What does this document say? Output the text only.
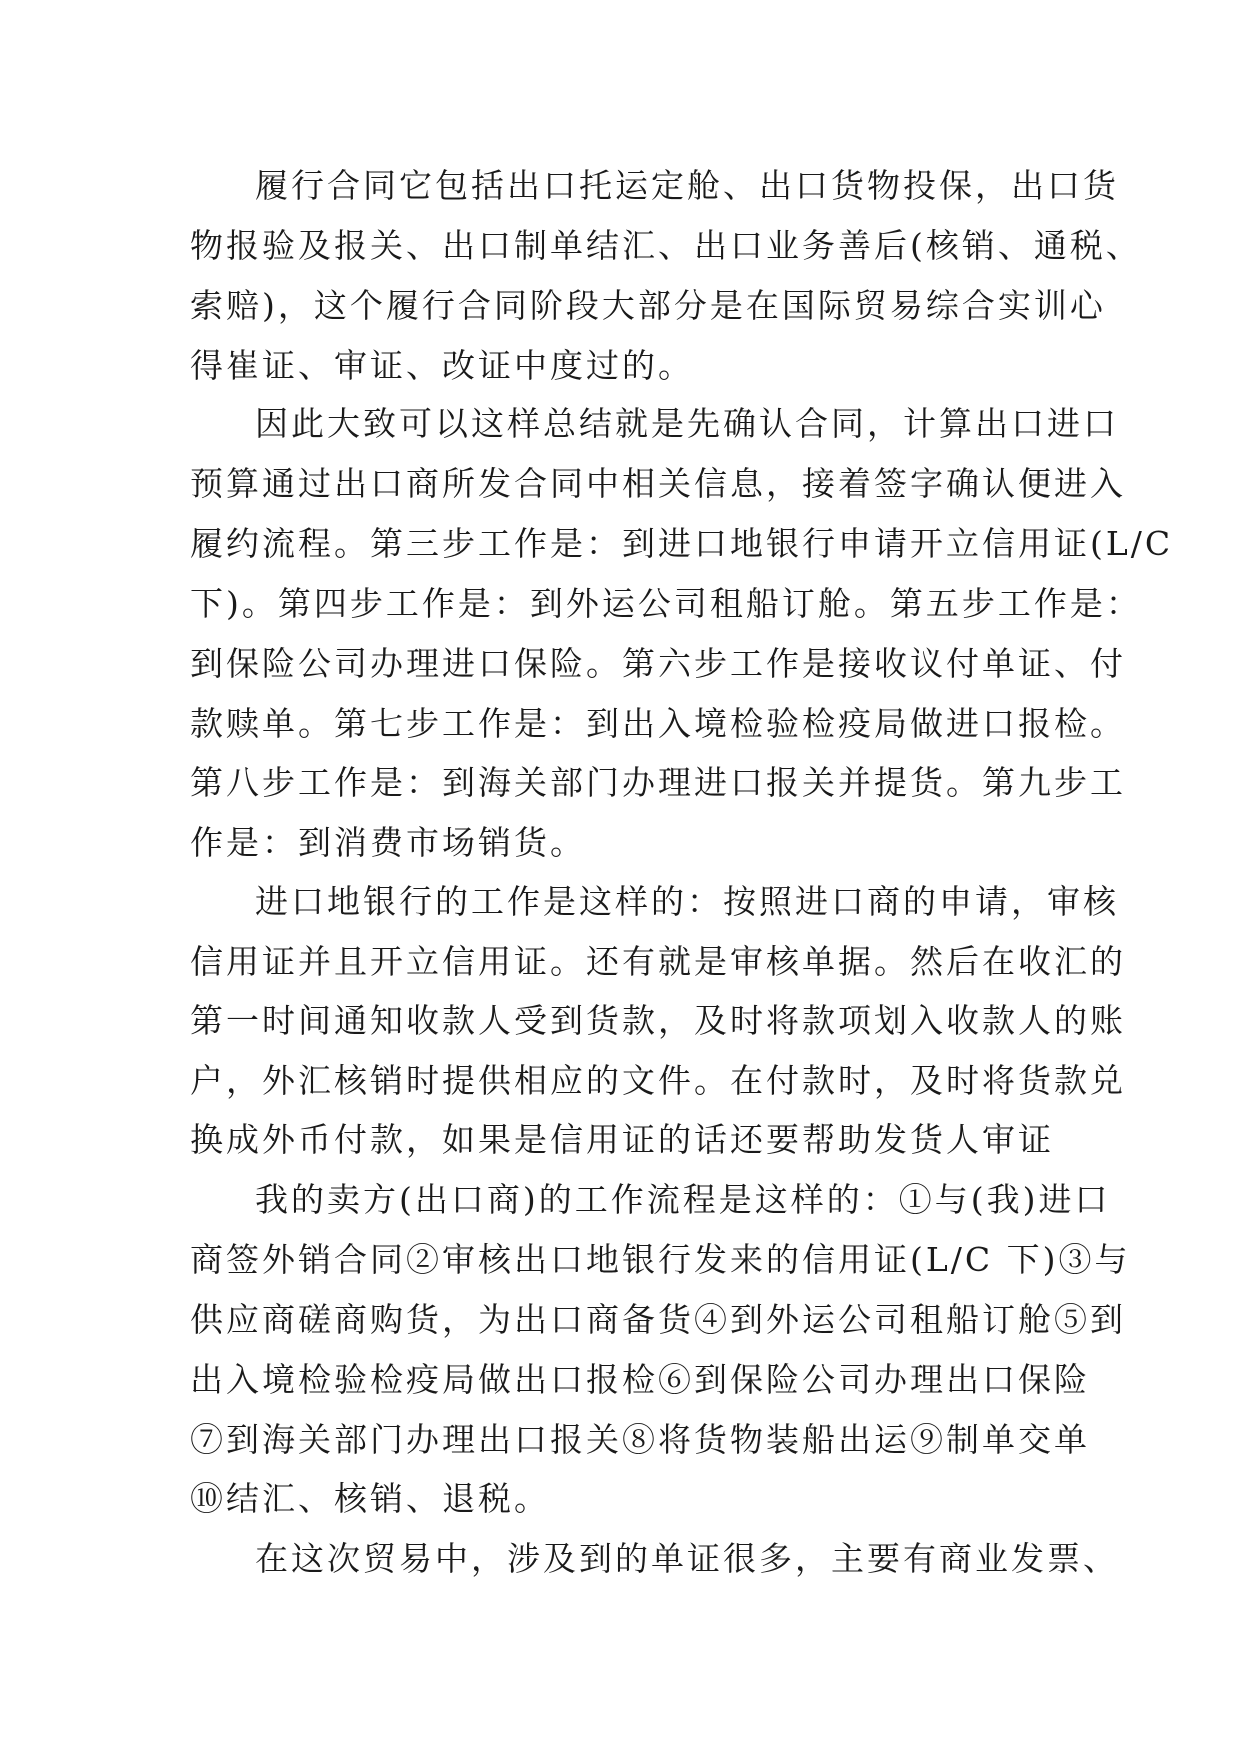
履行合同它包括出口托运定舱、出口货物投保，出口货
物报验及报关、出口制单结汇、出口业务善后(核销、通税、
索赔)，这个履行合同阶段大部分是在国际贸易综合实训心
得崔证、审证、改证中度过的。
因此大致可以这样总结就是先确认合同，计算出口进口
预算通过出口商所发合同中相关信息，接着签字确认便进入
履约流程。第三步工作是：到进口地银行申请开立信用证(L/C
下)。第四步工作是：到外运公司租船订舱。第五步工作是：
到保险公司办理进口保险。第六步工作是接收议付单证、付
款赎单。第七步工作是：到出入境检验检疫局做进口报检。
第八步工作是：到海关部门办理进口报关并提货。第九步工
作是：到消费市场销货。
进口地银行的工作是这样的：按照进口商的申请，审核
信用证并且开立信用证。还有就是审核单据。然后在收汇的
第一时间通知收款人受到货款，及时将款项划入收款人的账
户，外汇核销时提供相应的文件。在付款时，及时将货款兑
换成外币付款，如果是信用证的话还要帮助发货人审证
我的卖方(出口商)的工作流程是这样的：①与(我)进口
商签外销合同②审核出口地银行发来的信用证(L/C 下)③与
供应商磋商购货，为出口商备货④到外运公司租船订舱⑤到
出入境检验检疫局做出口报检⑥到保险公司办理出口保险
⑦到海关部门办理出口报关⑧将货物装船出运⑨制单交单
⑩结汇、核销、退税。
在这次贸易中，涉及到的单证很多，主要有商业发票、
